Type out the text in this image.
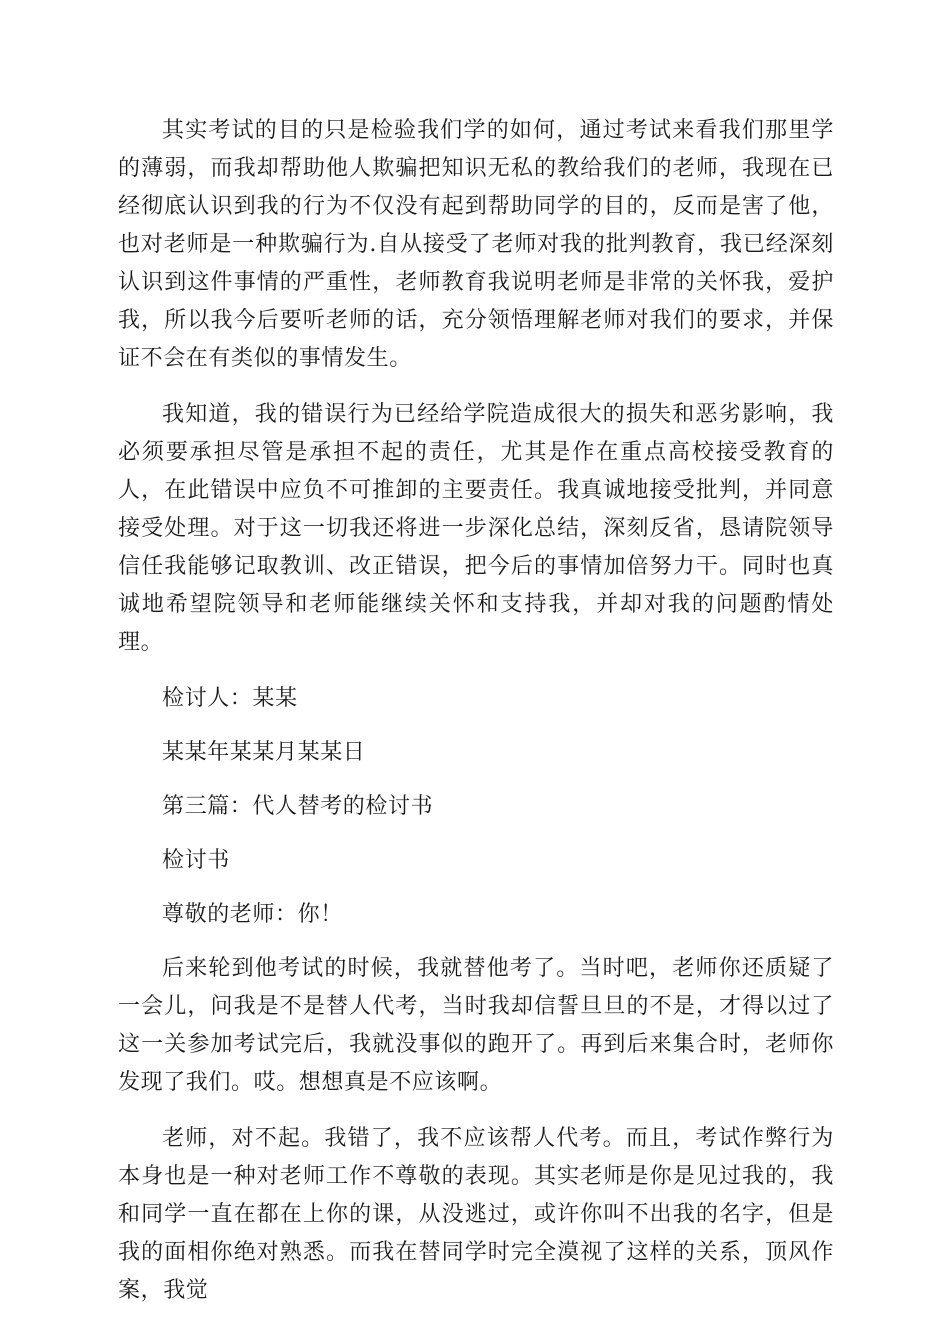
其实考试的目的只是检验我们学的如何，通过考试来看我们那里学的薄弱，而我却帮助他人欺骗把知识无私的教给我们的老师，我现在已经彻底认识到我的行为不仅没有起到帮助同学的目的，反而是害了他，也对老师是一种欺骗行为.自从接受了老师对我的批判教育，我已经深刻认识到这件事情的严重性，老师教育我说明老师是非常的关怀我，爱护我，所以我今后要听老师的话，充分领悟理解老师对我们的要求，并保证不会在有类似的事情发生。

我知道，我的错误行为已经给学院造成很大的损失和恶劣影响，我必须要承担尽管是承担不起的责任，尤其是作在重点高校接受教育的人，在此错误中应负不可推卸的主要责任。我真诚地接受批判，并同意接受处理。对于这一切我还将进一步深化总结，深刻反省，恳请院领导信任我能够记取教训、改正错误，把今后的事情加倍努力干。同时也真诚地希望院领导和老师能继续关怀和支持我，并却对我的问题酌情处理。

检讨人：某某

某某年某某月某某日

第三篇：代人替考的检讨书

检讨书

尊敬的老师：你！

后来轮到他考试的时候，我就替他考了。当时吧，老师你还质疑了一会儿，问我是不是替人代考，当时我却信誓旦旦的不是，才得以过了这一关参加考试完后，我就没事似的跑开了。再到后来集合时，老师你发现了我们。哎。想想真是不应该啊。

老师，对不起。我错了，我不应该帮人代考。而且，考试作弊行为本身也是一种对老师工作不尊敬的表现。其实老师是你是见过我的，我和同学一直在都在上你的课，从没逃过，或许你叫不出我的名字，但是我的面相你绝对熟悉。而我在替同学时完全漠视了这样的关系，顶风作案，我觉
